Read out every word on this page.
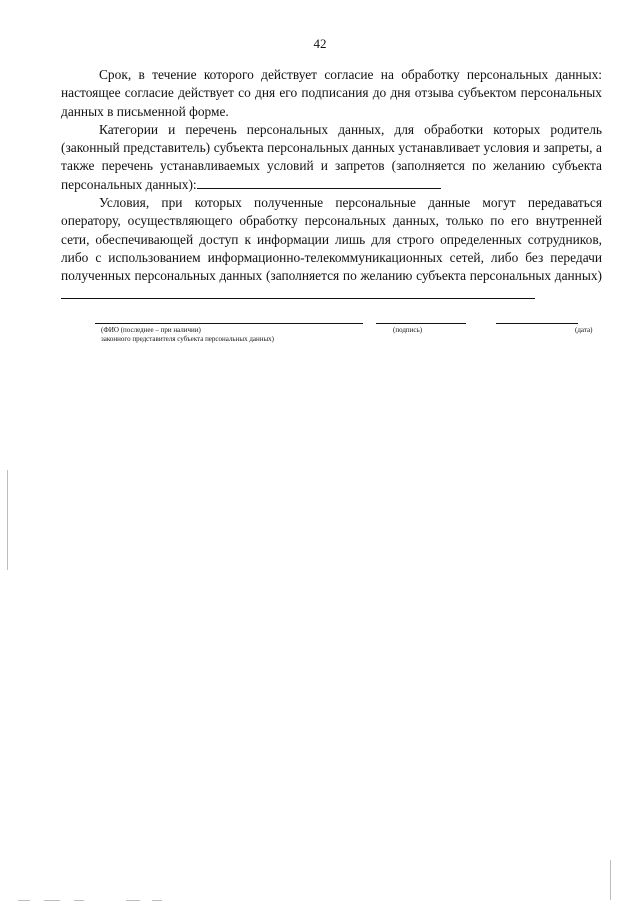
42

Срок, в течение которого действует согласие на обработку персональных данных: настоящее согласие действует со дня его подписания до дня отзыва субъектом персональных данных в письменной форме.

Категории и перечень персональных данных, для обработки которых родитель (законный представитель) субъекта персональных данных устанавливает условия и запреты, а также перечень устанавливаемых условий и запретов (заполняется по желанию субъекта персональных данных):

Условия, при которых полученные персональные данные могут передаваться оператору, осуществляющего обработку персональных данных, только по его внутренней сети, обеспечивающей доступ к информации лишь для строго определенных сотрудников, либо с использованием информационно-телекоммуникационных сетей, либо без передачи полученных персональных данных (заполняется по желанию субъекта персональных данных)

(ФИО (последнее – при наличии)
законного представителя субъекта персональных данных)
(подпись)	(дата)
